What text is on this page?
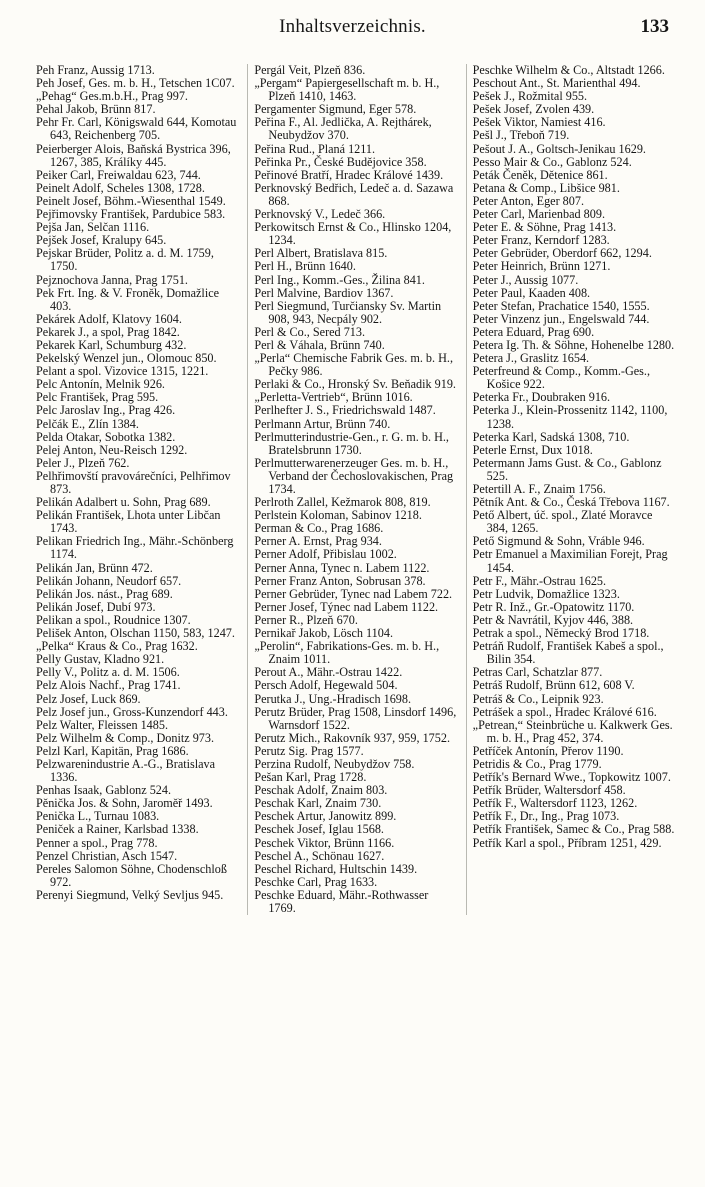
Inhaltsverzeichnis.	133

Peh Franz, Aussig 1713.

Peh Josef, Ges. m. b. H., Tetschen 1C07.

„Pehag“ Ges.m.b.H., Prag 997.

Pehal Jakob, Brünn 817.

Pehr Fr. Carl, Königswald 644, Komotau 643, Reichenberg 705.

Peierberger Alois, Baňská Bystrica 396, 1267, 385, Králíky 445.

Peiker Carl, Freiwaldau 623, 744.

Peinelt Adolf, Scheles 1308, 1728.

Peinelt Josef, Böhm.-Wiesenthal 1549.

Pejřimovsky František, Pardubice 583.

Pejša Jan, Selčan 1116.

Pejšek Josef, Kralupy 645.

Pejskar Brüder, Politz a. d. M. 1759, 1750.

Pejznochova Janna, Prag 1751.

Pek Frt. Ing. & V. Froněk, Domažlice 403.

Pekárek Adolf, Klatovy 1604.

Pekarek J., a spol, Prag 1842.

Pekarek Karl, Schumburg 432.

Pekelský Wenzel jun., Olomouc 850.

Pelant a spol. Vizovice 1315, 1221.

Pelc Antonín, Melnik 926.

Pelc František, Prag 595.

Pelc Jaroslav Ing., Prag 426.

Pelčák E., Zlín 1384.

Pelda Otakar, Sobotka 1382.

Pelej Anton, Neu-Reisch 1292.

Peler J., Plzeň 762.

Pelhřimovští pravovárečníci, Pelhřimov 873.

Pelikán Adalbert u. Sohn, Prag 689.

Pelikán František, Lhota unter Libčan 1743.

Pelikan Friedrich Ing., Mähr.-Schönberg 1174.

Pelikán Jan, Brünn 472.

Pelikán Johann, Neudorf 657.

Pelikán Jos. nást., Prag 689.

Pelikán Josef, Dubí 973.

Pelikan a spol., Roudnice 1307.

Pelišek Anton, Olschan 1150, 583, 1247.

„Pelka“ Kraus & Co., Prag 1632.

Pelly Gustav, Kladno 921.

Pelly V., Politz a. d. M. 1506.

Pelz Alois Nachf., Prag 1741.

Pelz Josef, Luck 869.

Pelz Josef jun., Gross-Kunzendorf 443.

Pelz Walter, Fleissen 1485.

Pelz Wilhelm & Comp., Donitz 973.

Pelzl Karl, Kapitän, Prag 1686.

Pelzwarenindustrie A.-G., Bratislava 1336.

Penhas Isaak, Gablonz 524.

Pěnička Jos. & Sohn, Jaroměř 1493.

Penička L., Turnau 1083.

Peniček a Rainer, Karlsbad 1338.

Penner a spol., Prag 778.

Penzel Christian, Asch 1547.

Pereles Salomon Söhne, Chodenschloß 972.

Perenyi Siegmund, Velký Sevljus 945.

Pergál Veit, Plzeň 836.

„Pergam“ Papiergesellschaft m. b. H., Plzeň 1410, 1463.

Pergamenter Sigmund, Eger 578.

Peřina F., Al. Jedlička, A. Rejthárek, Neubydžov 370.

Peřina Rud., Planá 1211.

Peřinka Pr., České Budějovice 358.

Peřinové Bratří, Hradec Králové 1439.

Perknovský Bedřich, Ledeč a. d. Sazawa 868.

Perknovský V., Ledeč 366.

Perkowitsch Ernst & Co., Hlinsko 1204, 1234.

Perl Albert, Bratislava 815.

Perl H., Brünn 1640.

Perl Ing., Komm.-Ges., Žilina 841.

Perl Malvine, Bardiov 1367.

Perl Siegmund, Turčiansky Sv. Martin 908, 943, Necpály 902.

Perl & Co., Sered 713.

Perl & Váhala, Brünn 740.

„Perla“ Chemische Fabrik Ges. m. b. H., Pečky 986.

Perlaki & Co., Hronský Sv. Beňadik 919.

„Perletta-Vertrieb“, Brünn 1016.

Perlhefter J. S., Friedrichswald 1487.

Perlmann Artur, Brünn 740.

Perlmutterindustrie-Gen., r. G. m. b. H., Bratelsbrunn 1730.

Perlmutterwarenerzeuger Ges. m. b. H., Verband der Čechoslovakischen, Prag 1734.

Perlroth Zallel, Kežmarok 808, 819.

Perlstein Koloman, Sabinov 1218.

Perman & Co., Prag 1686.

Perner A. Ernst, Prag 934.

Perner Adolf, Přibislau 1002.

Perner Anna, Tynec n. Labem 1122.

Perner Franz Anton, Sobrusan 378.

Perner Gebrüder, Tynec nad Labem 722.

Perner Josef, Týnec nad Labem 1122.

Perner R., Plzeň 670.

Pernikař Jakob, Lösch 1104.

„Perolin“, Fabrikations-Ges. m. b. H., Znaim 1011.

Perout A., Mähr.-Ostrau 1422.

Persch Adolf, Hegewald 504.

Perutka J., Ung.-Hradisch 1698.

Perutz Brüder, Prag 1508, Linsdorf 1496, Warnsdorf 1522.

Perutz Mich., Rakovník 937, 959, 1752.

Perutz Sig. Prag 1577.

Perzina Rudolf, Neubydžov 758.

Pešan Karl, Prag 1728.

Peschak Adolf, Znaim 803.

Peschak Karl, Znaim 730.

Peschek Artur, Janowitz 899.

Peschek Josef, Iglau 1568.

Peschek Viktor, Brünn 1166.

Peschel A., Schönau 1627.

Peschel Richard, Hultschin 1439.

Peschke Carl, Prag 1633.

Peschke Eduard, Mähr.-Rothwasser 1769.

Peschke Wilhelm & Co., Altstadt 1266.

Peschout Ant., St. Marienthal 494.

Pešek J., Rožmital 955.

Pešek Josef, Zvolen 439.

Pešek Viktor, Namiest 416.

Pešl J., Třeboň 719.

Pešout J. A., Goltsch-Jenikau 1629.

Pesso Mair & Co., Gablonz 524.

Peták Čeněk, Dětenice 861.

Petana & Comp., Libšice 981.

Peter Anton, Eger 807.

Peter Carl, Marienbad 809.

Peter E. & Söhne, Prag 1413.

Peter Franz, Kerndorf 1283.

Peter Gebrüder, Oberdorf 662, 1294.

Peter Heinrich, Brünn 1271.

Peter J., Aussig 1077.

Peter Paul, Kaaden 408.

Peter Stefan, Prachatice 1540, 1555.

Peter Vinzenz jun., Engelswald 744.

Petera Eduard, Prag 690.

Petera Ig. Th. & Söhne, Hohenelbe 1280.

Petera J., Graslitz 1654.

Peterfreund & Comp., Komm.-Ges., Košice 922.

Peterka Fr., Doubraken 916.

Peterka J., Klein-Prossenitz 1142, 1100, 1238.

Peterka Karl, Sadská 1308, 710.

Peterle Ernst, Dux 1018.

Petermann Jams Gust. & Co., Gablonz 525.

Petertill A. F., Znaim 1756.

Pětník Ant. & Co., Česká Třebova 1167.

Pető Albert, úč. spol., Zlaté Moravce 384, 1265.

Pető Sigmund & Sohn, Vráble 946.

Petr Emanuel a Maximilian Forejt, Prag 1454.

Petr F., Mähr.-Ostrau 1625.

Petr Ludvik, Domažlice 1323.

Petr R. Inž., Gr.-Opatowitz 1170.

Petr & Navrátil, Kyjov 446, 388.

Petrak a spol., Německý Brod 1718.

Petráň Rudolf, František Kabeš a spol., Bilin 354.

Petras Carl, Schatzlar 877.

Petráš Rudolf, Brünn 612, 608 V.

Petráš & Co., Leipnik 923.

Petrášek a spol., Hradec Králové 616.

„Petrean,“ Steinbrüche u. Kalkwerk Ges. m. b. H., Prag 452, 374.

Petříček Antonín, Přerov 1190.

Petridis & Co., Prag 1779.

Petřík's Bernard Wwe., Topkowitz 1007.

Petřík Brüder, Waltersdorf 458.

Petřík F., Waltersdorf 1123, 1262.

Petřík F., Dr., Ing., Prag 1073.

Petřík František, Samec & Co., Prag 588.

Petřík Karl a spol., Příbram 1251, 429.
